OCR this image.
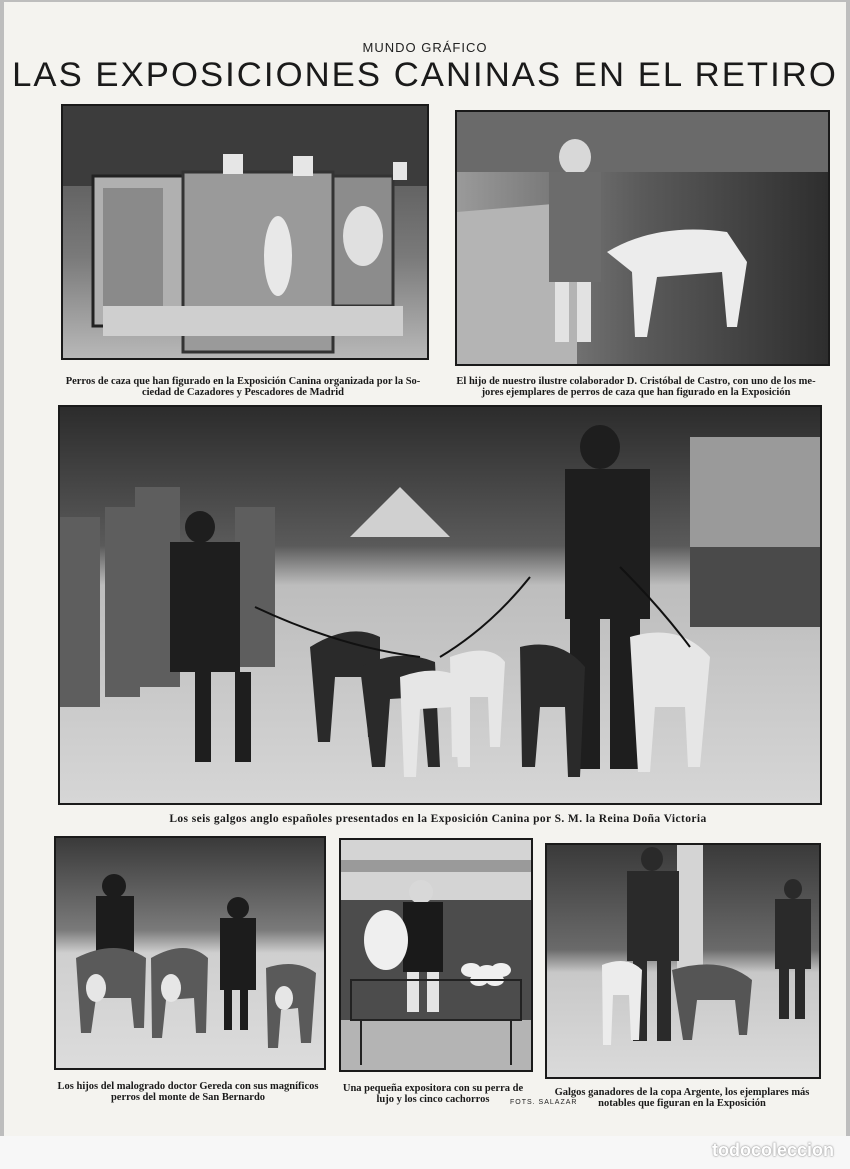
MUNDO GRÁFICO
LAS EXPOSICIONES CANINAS EN EL RETIRO
Perros de caza que han figurado en la Exposición Canina organizada por la So-
ciedad de Cazadores y Pescadores de Madrid
El hijo de nuestro ilustre colaborador D. Cristóbal de Castro, con uno de los me-
jores ejemplares de perros de caza que han figurado en la Exposición
Los seis galgos anglo españoles presentados en la Exposición Canina por S. M. la Reina Doña Victoria
Los hijos del malogrado doctor Gereda con sus magníficos
perros del monte de San Bernardo
Una pequeña expositora con su perra de
lujo y los cinco cachorros	FOTS. SALAZAR
Galgos ganadores de la copa Argente, los ejemplares más
notables que figuran en la Exposición
todocoleccion
